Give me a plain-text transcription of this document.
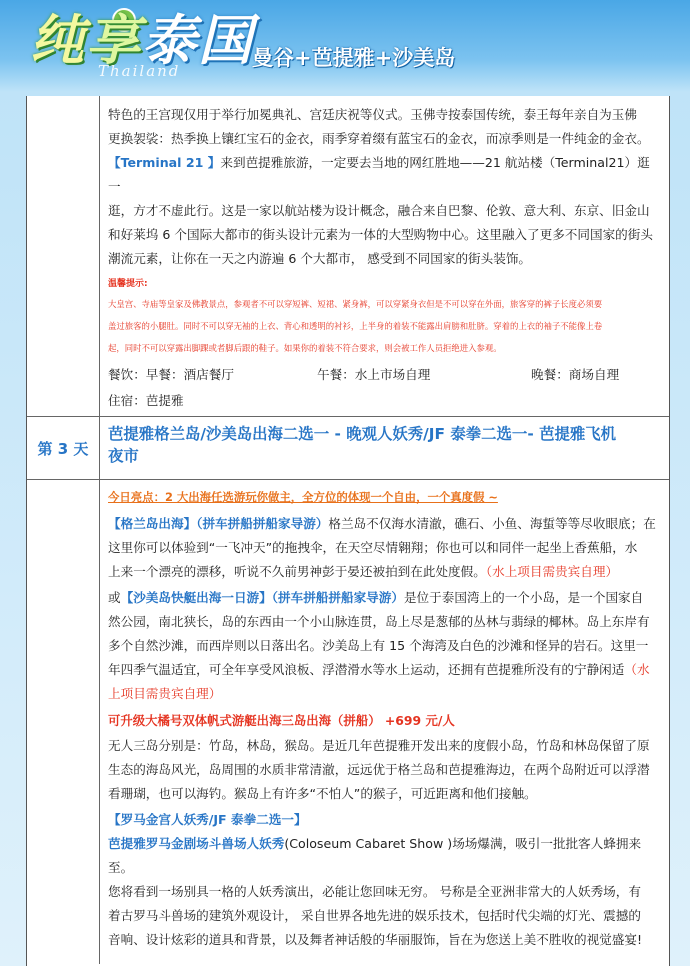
纯享泰国
Thailand
曼谷+芭提雅+沙美岛

特色的王宫现仅用于举行加冕典礼、宫廷庆祝等仪式。玉佛寺按泰国传统，泰王每年亲自为玉佛

更换袈裟：热季换上镶红宝石的金衣，雨季穿着缀有蓝宝石的金衣，而凉季则是一件纯金的金衣。

【Terminal 21 】来到芭提雅旅游，一定要去当地的网红胜地——21 航站楼（Terminal21）逛一

逛，方才不虚此行。这是一家以航站楼为设计概念，融合来自巴黎、伦敦、意大利、东京、旧金山

和好莱坞 6 个国际大都市的街头设计元素为一体的大型购物中心。这里融入了更多不同国家的街头

潮流元素，让你在一天之内游遍 6 个大都市， 感受到不同国家的街头装饰。

温馨提示:

大皇宫、寺庙等皇家及佛教景点，参观者不可以穿短裤、短裙、紧身裤，可以穿紧身衣但是不可以穿在外面，旅客穿的裤子长度必须要

盖过旅客的小腿肚。同时不可以穿无袖的上衣、背心和透明的衬衫，上半身的着装不能露出肩膀和肚脐。穿着的上衣的袖子不能像上卷

起，同时不可以穿露出脚踝或者脚后跟的鞋子。如果你的着装不符合要求，则会被工作人员拒绝进入参观。

餐饮：早餐：酒店餐厅	午餐：水上市场自理	晚餐：商场自理

住宿：芭提雅

第 3 天

芭提雅格兰岛/沙美岛出海二选一 - 晚观人妖秀/JF 泰拳二选一- 芭提雅飞机
夜市

今日亮点：2 大出海任选游玩你做主，全方位的体现一个自由，一个真度假 ~

【格兰岛出海】（拼车拼船拼船家导游）格兰岛不仅海水清澈，礁石、小鱼、海蜇等等尽收眼底；在

这里你可以体验到“一飞冲天”的拖拽伞，在天空尽情翱翔；你也可以和同伴一起坐上香蕉船，水

上来一个漂亮的漂移，听说不久前男神彭于晏还被拍到在此处度假。（水上项目需贵宾自理）

或【沙美岛快艇出海一日游】（拼车拼船拼船家导游）是位于泰国湾上的一个小岛，是一个国家自

然公园，南北狭长，岛的东西由一个小山脉连贯，岛上尽是葱郁的丛林与翡绿的椰林。岛上东岸有

多个自然沙滩，而西岸则以日落出名。沙美岛上有 15 个海湾及白色的沙滩和怪异的岩石。这里一

年四季气温适宜，可全年享受风浪板、浮潜滑水等水上运动，还拥有芭提雅所没有的宁静闲适（水

上项目需贵宾自理）

可升级大橘号双体帆式游艇出海三岛出海（拼船） +699 元/人

无人三岛分别是：竹岛，林岛，猴岛。是近几年芭提雅开发出来的度假小岛，竹岛和林岛保留了原

生态的海岛风光，岛周围的水质非常清澈，远远优于格兰岛和芭提雅海边，在两个岛附近可以浮潜

看珊瑚，也可以海钓。猴岛上有许多“不怕人”的猴子，可近距离和他们接触。

【罗马金宫人妖秀/JF 泰拳二选一】

芭提雅罗马金剧场斗兽场人妖秀(Coloseum Cabaret Show )场场爆满，吸引一批批客人蜂拥来至。

您将看到一场别具一格的人妖秀演出，必能让您回味无穷。 号称是全亚洲非常大的人妖秀场，有

着古罗马斗兽场的建筑外观设计， 采自世界各地先进的娱乐技术，包括时代尖端的灯光、震撼的

音响、设计炫彩的道具和背景，以及舞者神话般的华丽服饰，旨在为您送上美不胜收的视觉盛宴!
